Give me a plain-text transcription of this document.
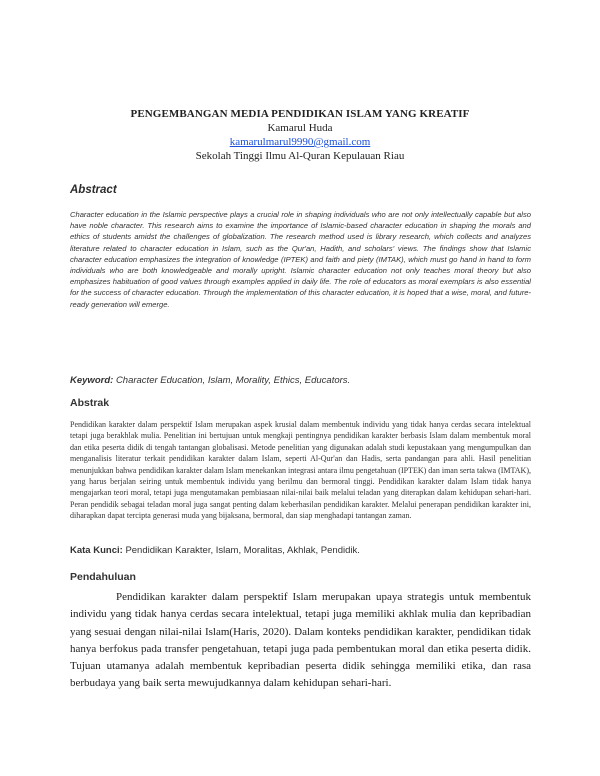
PENGEMBANGAN MEDIA PENDIDIKAN ISLAM YANG KREATIF
Kamarul Huda
kamarulmarul9990@gmail.com
Sekolah Tinggi Ilmu Al-Quran Kepulauan Riau
Abstract
Character education in the Islamic perspective plays a crucial role in shaping individuals who are not only intellectually capable but also have noble character. This research aims to examine the importance of Islamic-based character education in shaping the morals and ethics of students amidst the challenges of globalization. The research method used is library research, which collects and analyzes literature related to character education in Islam, such as the Qur'an, Hadith, and scholars' views. The findings show that Islamic character education emphasizes the integration of knowledge (IPTEK) and faith and piety (IMTAK), which must go hand in hand to form individuals who are both knowledgeable and morally upright. Islamic character education not only teaches moral theory but also emphasizes habituation of good values through examples applied in daily life. The role of educators as moral exemplars is also essential for the success of character education. Through the implementation of this character education, it is hoped that a wise, moral, and future-ready generation will emerge.
Keyword: Character Education, Islam, Morality, Ethics, Educators.
Abstrak
Pendidikan karakter dalam perspektif Islam merupakan aspek krusial dalam membentuk individu yang tidak hanya cerdas secara intelektual tetapi juga berakhlak mulia. Penelitian ini bertujuan untuk mengkaji pentingnya pendidikan karakter berbasis Islam dalam membentuk moral dan etika peserta didik di tengah tantangan globalisasi. Metode penelitian yang digunakan adalah studi kepustakaan yang mengumpulkan dan menganalisis literatur terkait pendidikan karakter dalam Islam, seperti Al-Qur'an dan Hadis, serta pandangan para ahli. Hasil penelitian menunjukkan bahwa pendidikan karakter dalam Islam menekankan integrasi antara ilmu pengetahuan (IPTEK) dan iman serta takwa (IMTAK), yang harus berjalan seiring untuk membentuk individu yang berilmu dan bermoral tinggi. Pendidikan karakter dalam Islam tidak hanya mengajarkan teori moral, tetapi juga mengutamakan pembiasaan nilai-nilai baik melalui teladan yang diterapkan dalam kehidupan sehari-hari. Peran pendidik sebagai teladan moral juga sangat penting dalam keberhasilan pendidikan karakter. Melalui penerapan pendidikan karakter ini, diharapkan dapat tercipta generasi muda yang bijaksana, bermoral, dan siap menghadapi tantangan zaman.
Kata Kunci: Pendidikan Karakter, Islam, Moralitas, Akhlak, Pendidik.
Pendahuluan
Pendidikan karakter dalam perspektif Islam merupakan upaya strategis untuk membentuk individu yang tidak hanya cerdas secara intelektual, tetapi juga memiliki akhlak mulia dan kepribadian yang sesuai dengan nilai-nilai Islam(Haris, 2020). Dalam konteks pendidikan karakter, pendidikan tidak hanya berfokus pada transfer pengetahuan, tetapi juga pada pembentukan moral dan etika peserta didik. Tujuan utamanya adalah membentuk kepribadian peserta didik sehingga memiliki etika, dan rasa berbudaya yang baik serta mewujudkannya dalam kehidupan sehari-hari.
